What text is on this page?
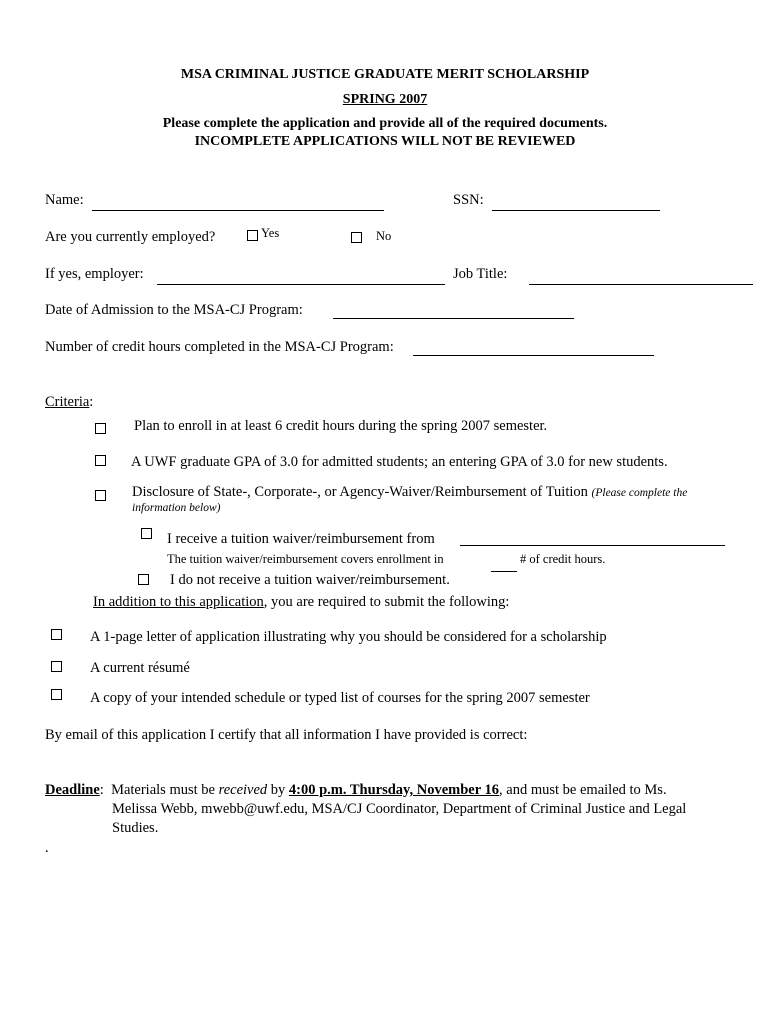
MSA CRIMINAL JUSTICE GRADUATE MERIT SCHOLARSHIP
SPRING 2007
Please complete the application and provide all of the required documents.
INCOMPLETE APPLICATIONS WILL NOT BE REVIEWED
Name:	SSN:
Are you currently employed?	Yes	No
If yes, employer:	Job Title:
Date of Admission to the MSA-CJ Program:
Number of credit hours completed in the MSA-CJ Program:
Criteria:
Plan to enroll in at least 6 credit hours during the spring 2007 semester.
A UWF graduate GPA of 3.0 for admitted students; an entering GPA of 3.0 for new students.
Disclosure of State-, Corporate-, or Agency-Waiver/Reimbursement of Tuition (Please complete the
information below)
I receive a tuition waiver/reimbursement from
The tuition waiver/reimbursement covers enrollment in	# of credit hours.
I do not receive a tuition waiver/reimbursement.
In addition to this application, you are required to submit the following:
A 1-page letter of application illustrating why you should be considered for a scholarship
A current résumé
A copy of your intended schedule or typed list of courses for the spring 2007 semester
By email of this application I certify that all information I have provided is correct:
Deadline: Materials must be received by 4:00 p.m. Thursday, November 16, and must be emailed to Ms.
Melissa Webb, mwebb@uwf.edu, MSA/CJ Coordinator, Department of Criminal Justice and Legal
Studies.
.
